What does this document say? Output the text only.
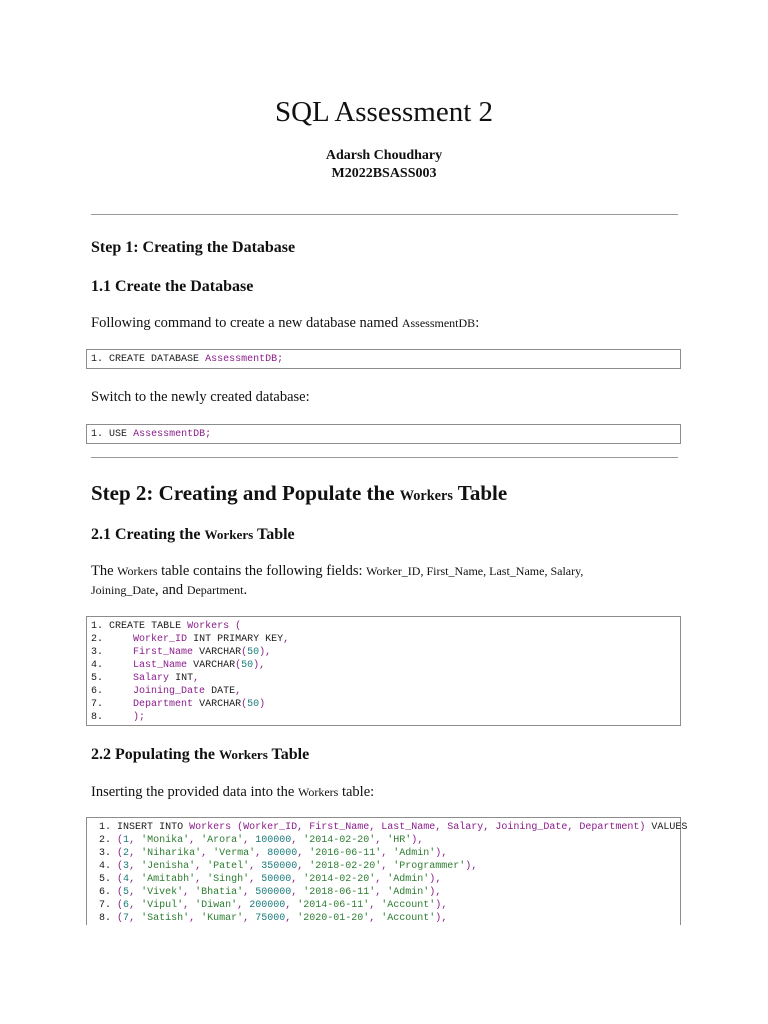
SQL Assessment 2
Adarsh Choudhary
M2022BSASS003
Step 1: Creating the Database
1.1 Create the Database
Following command to create a new database named AssessmentDB:
1. CREATE DATABASE AssessmentDB;
Switch to the newly created database:
1. USE AssessmentDB;
Step 2: Creating and Populate the Workers Table
2.1 Creating the Workers Table
The Workers table contains the following fields: Worker_ID, First_Name, Last_Name, Salary,
Joining_Date, and Department.
1. CREATE TABLE Workers (
2.	Worker_ID INT PRIMARY KEY,
3.	First_Name VARCHAR(50),
4.	Last_Name VARCHAR(50),
5.	Salary INT,
6.	Joining_Date DATE,
7.	Department VARCHAR(50)
8.	);
2.2 Populating the Workers Table
Inserting the provided data into the Workers table:
1. INSERT INTO Workers (Worker_ID, First_Name, Last_Name, Salary, Joining_Date, Department) VALUES
2. (1, 'Monika', 'Arora', 100000, '2014-02-20', 'HR'),
3. (2, 'Niharika', 'Verma', 80000, '2016-06-11', 'Admin'),
4. (3, 'Jenisha', 'Patel', 350000, '2018-02-20', 'Programmer'),
5. (4, 'Amitabh', 'Singh', 50000, '2014-02-20', 'Admin'),
6. (5, 'Vivek', 'Bhatia', 500000, '2018-06-11', 'Admin'),
7. (6, 'Vipul', 'Diwan', 200000, '2014-06-11', 'Account'),
8. (7, 'Satish', 'Kumar', 75000, '2020-01-20', 'Account'),
